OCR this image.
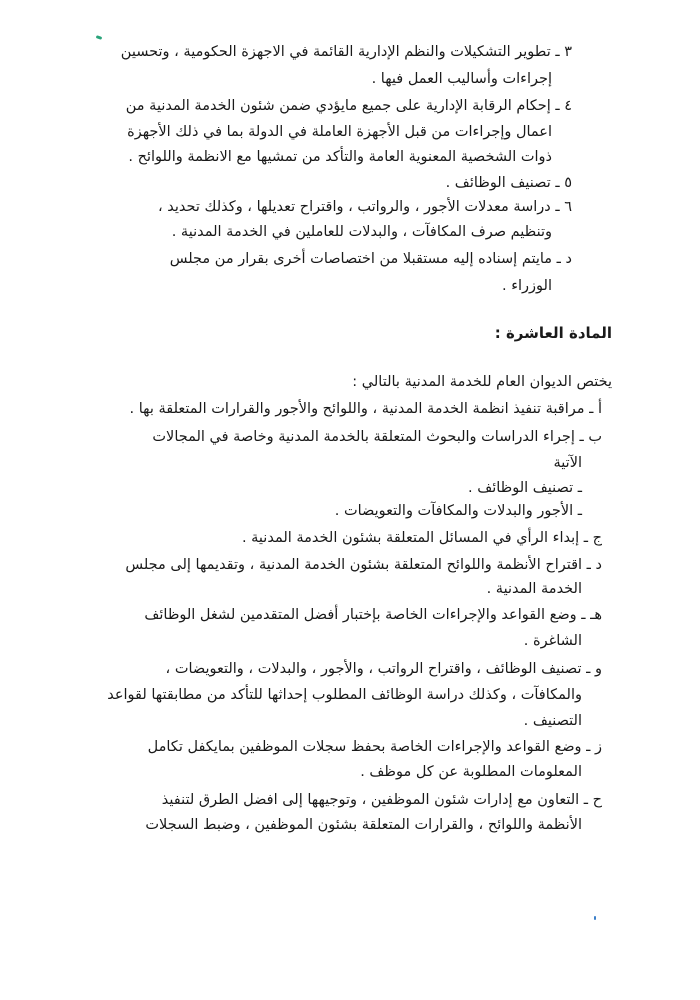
٣ ـ تطوير التشكيلات والنظم الإدارية القائمة في الاجهزة الحكومية ، وتحسين
إجراءات وأساليب العمل فيها .
٤ ـ إحكام الرقابة الإدارية على جميع مايؤدي ضمن شئون الخدمة المدنية من
اعمال وإجراءات من قبل الأجهزة العاملة في الدولة بما في ذلك الأجهزة
ذوات الشخصية المعنوية العامة والتأكد من تمشيها مع الانظمة واللوائح .
٥ ـ تصنيف الوظائف .
٦ ـ دراسة معدلات الأجور ، والرواتب ، واقتراح تعديلها ، وكذلك تحديد ،
وتنظيم صرف المكافآت ، والبدلات للعاملين في الخدمة المدنية .
د ـ مايتم إسناده إليه مستقبلا من اختصاصات أخرى بقرار من مجلس
الوزراء .
المادة العاشرة :
يختص الديوان العام للخدمة المدنية بالتالي :
أ ـ مراقبة تنفيذ انظمة الخدمة المدنية ، واللوائح والأجور والقرارات المتعلقة بها .
ب ـ إجراء الدراسات والبحوث المتعلقة بالخدمة المدنية وخاصة في المجالات
الآتية
ـ تصنيف الوظائف .
ـ الأجور والبدلات والمكافآت والتعويضات .
ج ـ إبداء الرأي في المسائل المتعلقة بشئون الخدمة المدنية .
د ـ اقتراح الأنظمة واللوائح المتعلقة بشئون الخدمة المدنية ، وتقديمها إلى مجلس
الخدمة المدنية .
هـ ـ وضع القواعد والإجراءات الخاصة بإختبار أفضل المتقدمين لشغل الوظائف
الشاغرة .
و ـ تصنيف الوظائف ، واقتراح الرواتب ، والأجور ، والبدلات ، والتعويضات ،
والمكافآت ، وكذلك دراسة الوظائف المطلوب إحداثها للتأكد من مطابقتها لقواعد
التصنيف .
ز ـ وضع القواعد والإجراءات الخاصة بحفظ سجلات الموظفين بمايكفل تكامل
المعلومات المطلوبة عن كل موظف .
ح ـ التعاون مع إدارات شئون الموظفين ، وتوجيهها إلى افضل الطرق لتنفيذ
الأنظمة واللوائح ، والقرارات المتعلقة بشئون الموظفين ، وضبط السجلات
